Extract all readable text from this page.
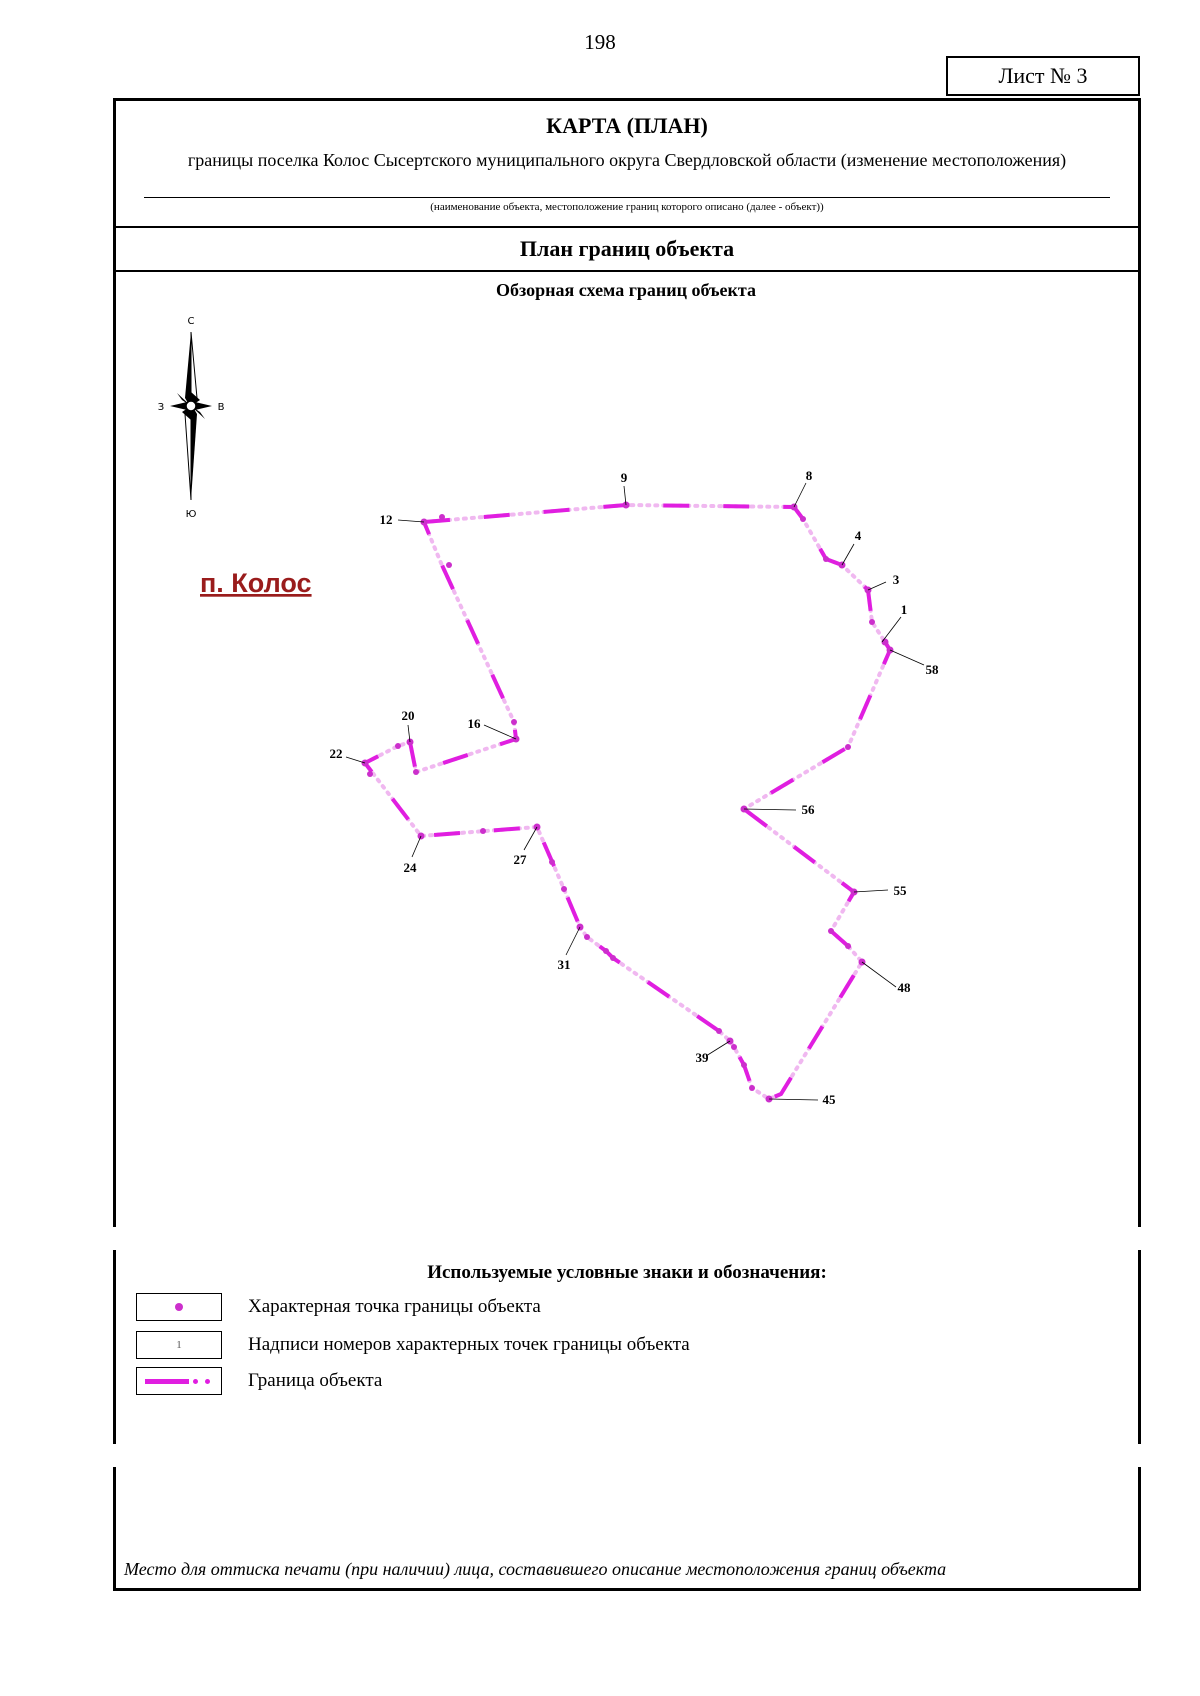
198
Лист № 3
КАРТА (ПЛАН)
границы поселка Колос Сысертского муниципального округа Свердловской области (изменение местоположения)
(наименование объекта, местоположение границ которого описано (далее - объект))
План границ объекта
Обзорная схема границ объекта
С
Ю
З	В
п. Колос
9	8
4
3
1
58
12
20
16
22
56
27
24
55
31
48
39
45
Используемые условные знаки и обозначения:
Характерная точка границы объекта
1	Надписи номеров характерных точек границы объекта
Граница объекта
Место для оттиска печати (при наличии) лица, составившего описание местоположения границ объекта
